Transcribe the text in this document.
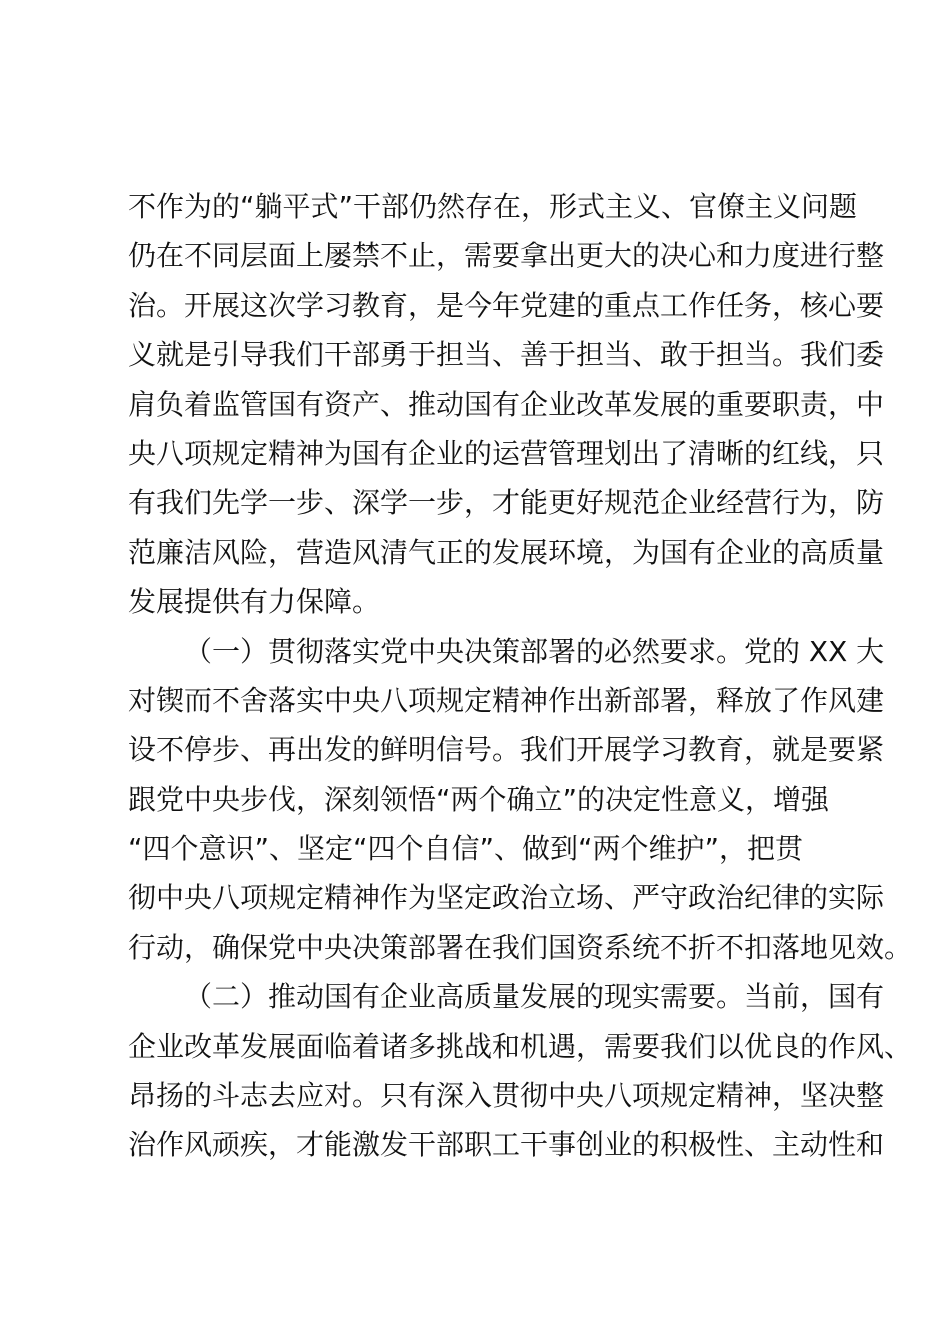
不作为的“躺平式”干部仍然存在，形式主义、官僚主义问题
仍在不同层面上屡禁不止，需要拿出更大的决心和力度进行整
治。开展这次学习教育，是今年党建的重点工作任务，核心要
义就是引导我们干部勇于担当、善于担当、敢于担当。我们委
肩负着监管国有资产、推动国有企业改革发展的重要职责，中
央八项规定精神为国有企业的运营管理划出了清晰的红线，只
有我们先学一步、深学一步，才能更好规范企业经营行为，防
范廉洁风险，营造风清气正的发展环境，为国有企业的高质量
发展提供有力保障。
（一）贯彻落实党中央决策部署的必然要求。党的 XX 大
对锲而不舍落实中央八项规定精神作出新部署，释放了作风建
设不停步、再出发的鲜明信号。我们开展学习教育，就是要紧
跟党中央步伐，深刻领悟“两个确立”的决定性意义，增强
“四个意识”、坚定“四个自信”、做到“两个维护”，把贯
彻中央八项规定精神作为坚定政治立场、严守政治纪律的实际
行动，确保党中央决策部署在我们国资系统不折不扣落地见效。
（二）推动国有企业高质量发展的现实需要。当前，国有
企业改革发展面临着诸多挑战和机遇，需要我们以优良的作风、
昂扬的斗志去应对。只有深入贯彻中央八项规定精神，坚决整
治作风顽疾，才能激发干部职工干事创业的积极性、主动性和
